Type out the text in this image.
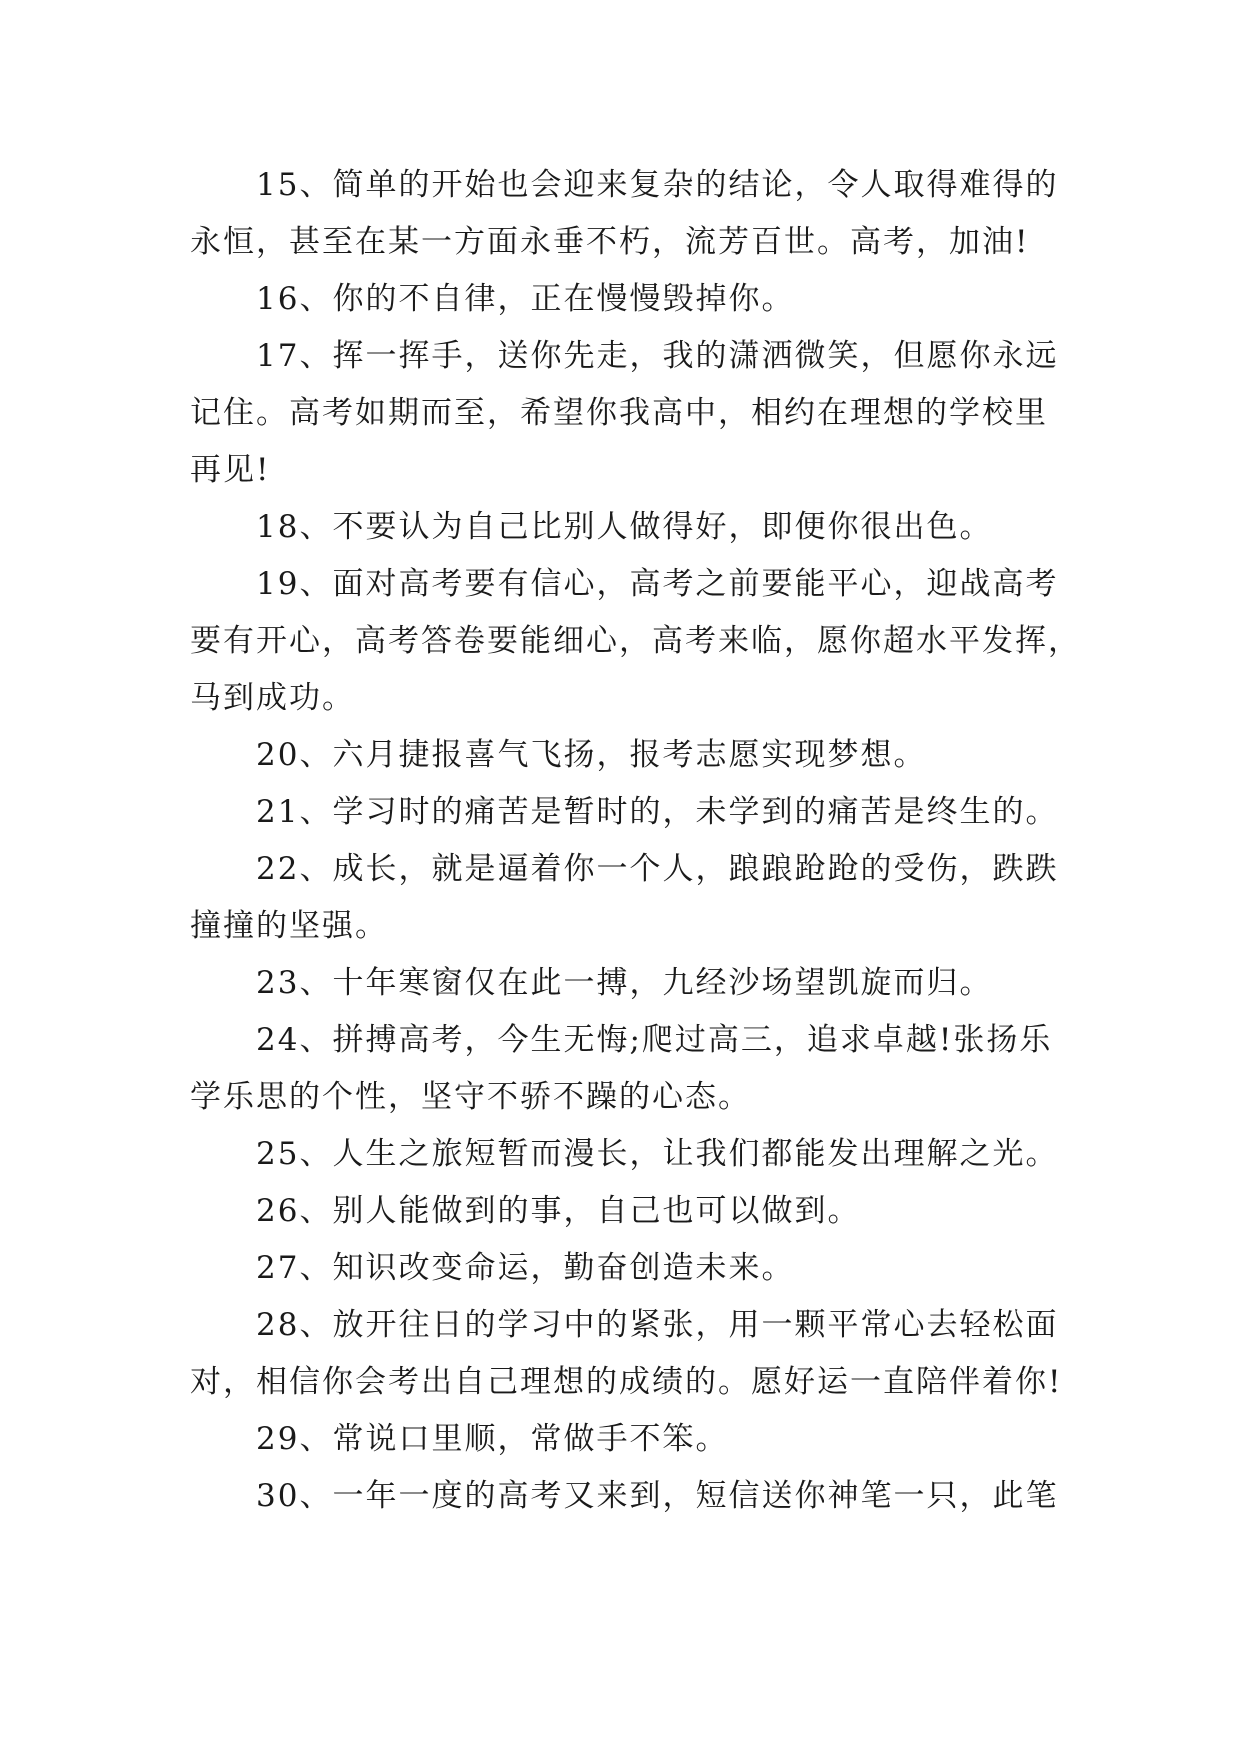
15、简单的开始也会迎来复杂的结论，令人取得难得的
永恒，甚至在某一方面永垂不朽，流芳百世。高考，加油!
16、你的不自律，正在慢慢毁掉你。
17、挥一挥手，送你先走，我的潇洒微笑，但愿你永远
记住。高考如期而至，希望你我高中，相约在理想的学校里
再见!
18、不要认为自己比别人做得好，即便你很出色。
19、面对高考要有信心，高考之前要能平心，迎战高考
要有开心，高考答卷要能细心，高考来临，愿你超水平发挥，
马到成功。
20、六月捷报喜气飞扬，报考志愿实现梦想。
21、学习时的痛苦是暂时的，未学到的痛苦是终生的。
22、成长，就是逼着你一个人，踉踉跄跄的受伤，跌跌
撞撞的坚强。
23、十年寒窗仅在此一搏，九经沙场望凯旋而归。
24、拼搏高考，今生无悔;爬过高三，追求卓越!张扬乐
学乐思的个性，坚守不骄不躁的心态。
25、人生之旅短暂而漫长，让我们都能发出理解之光。
26、别人能做到的事，自己也可以做到。
27、知识改变命运，勤奋创造未来。
28、放开往日的学习中的紧张，用一颗平常心去轻松面
对，相信你会考出自己理想的成绩的。愿好运一直陪伴着你!
29、常说口里顺，常做手不笨。
30、一年一度的高考又来到，短信送你神笔一只，此笔
